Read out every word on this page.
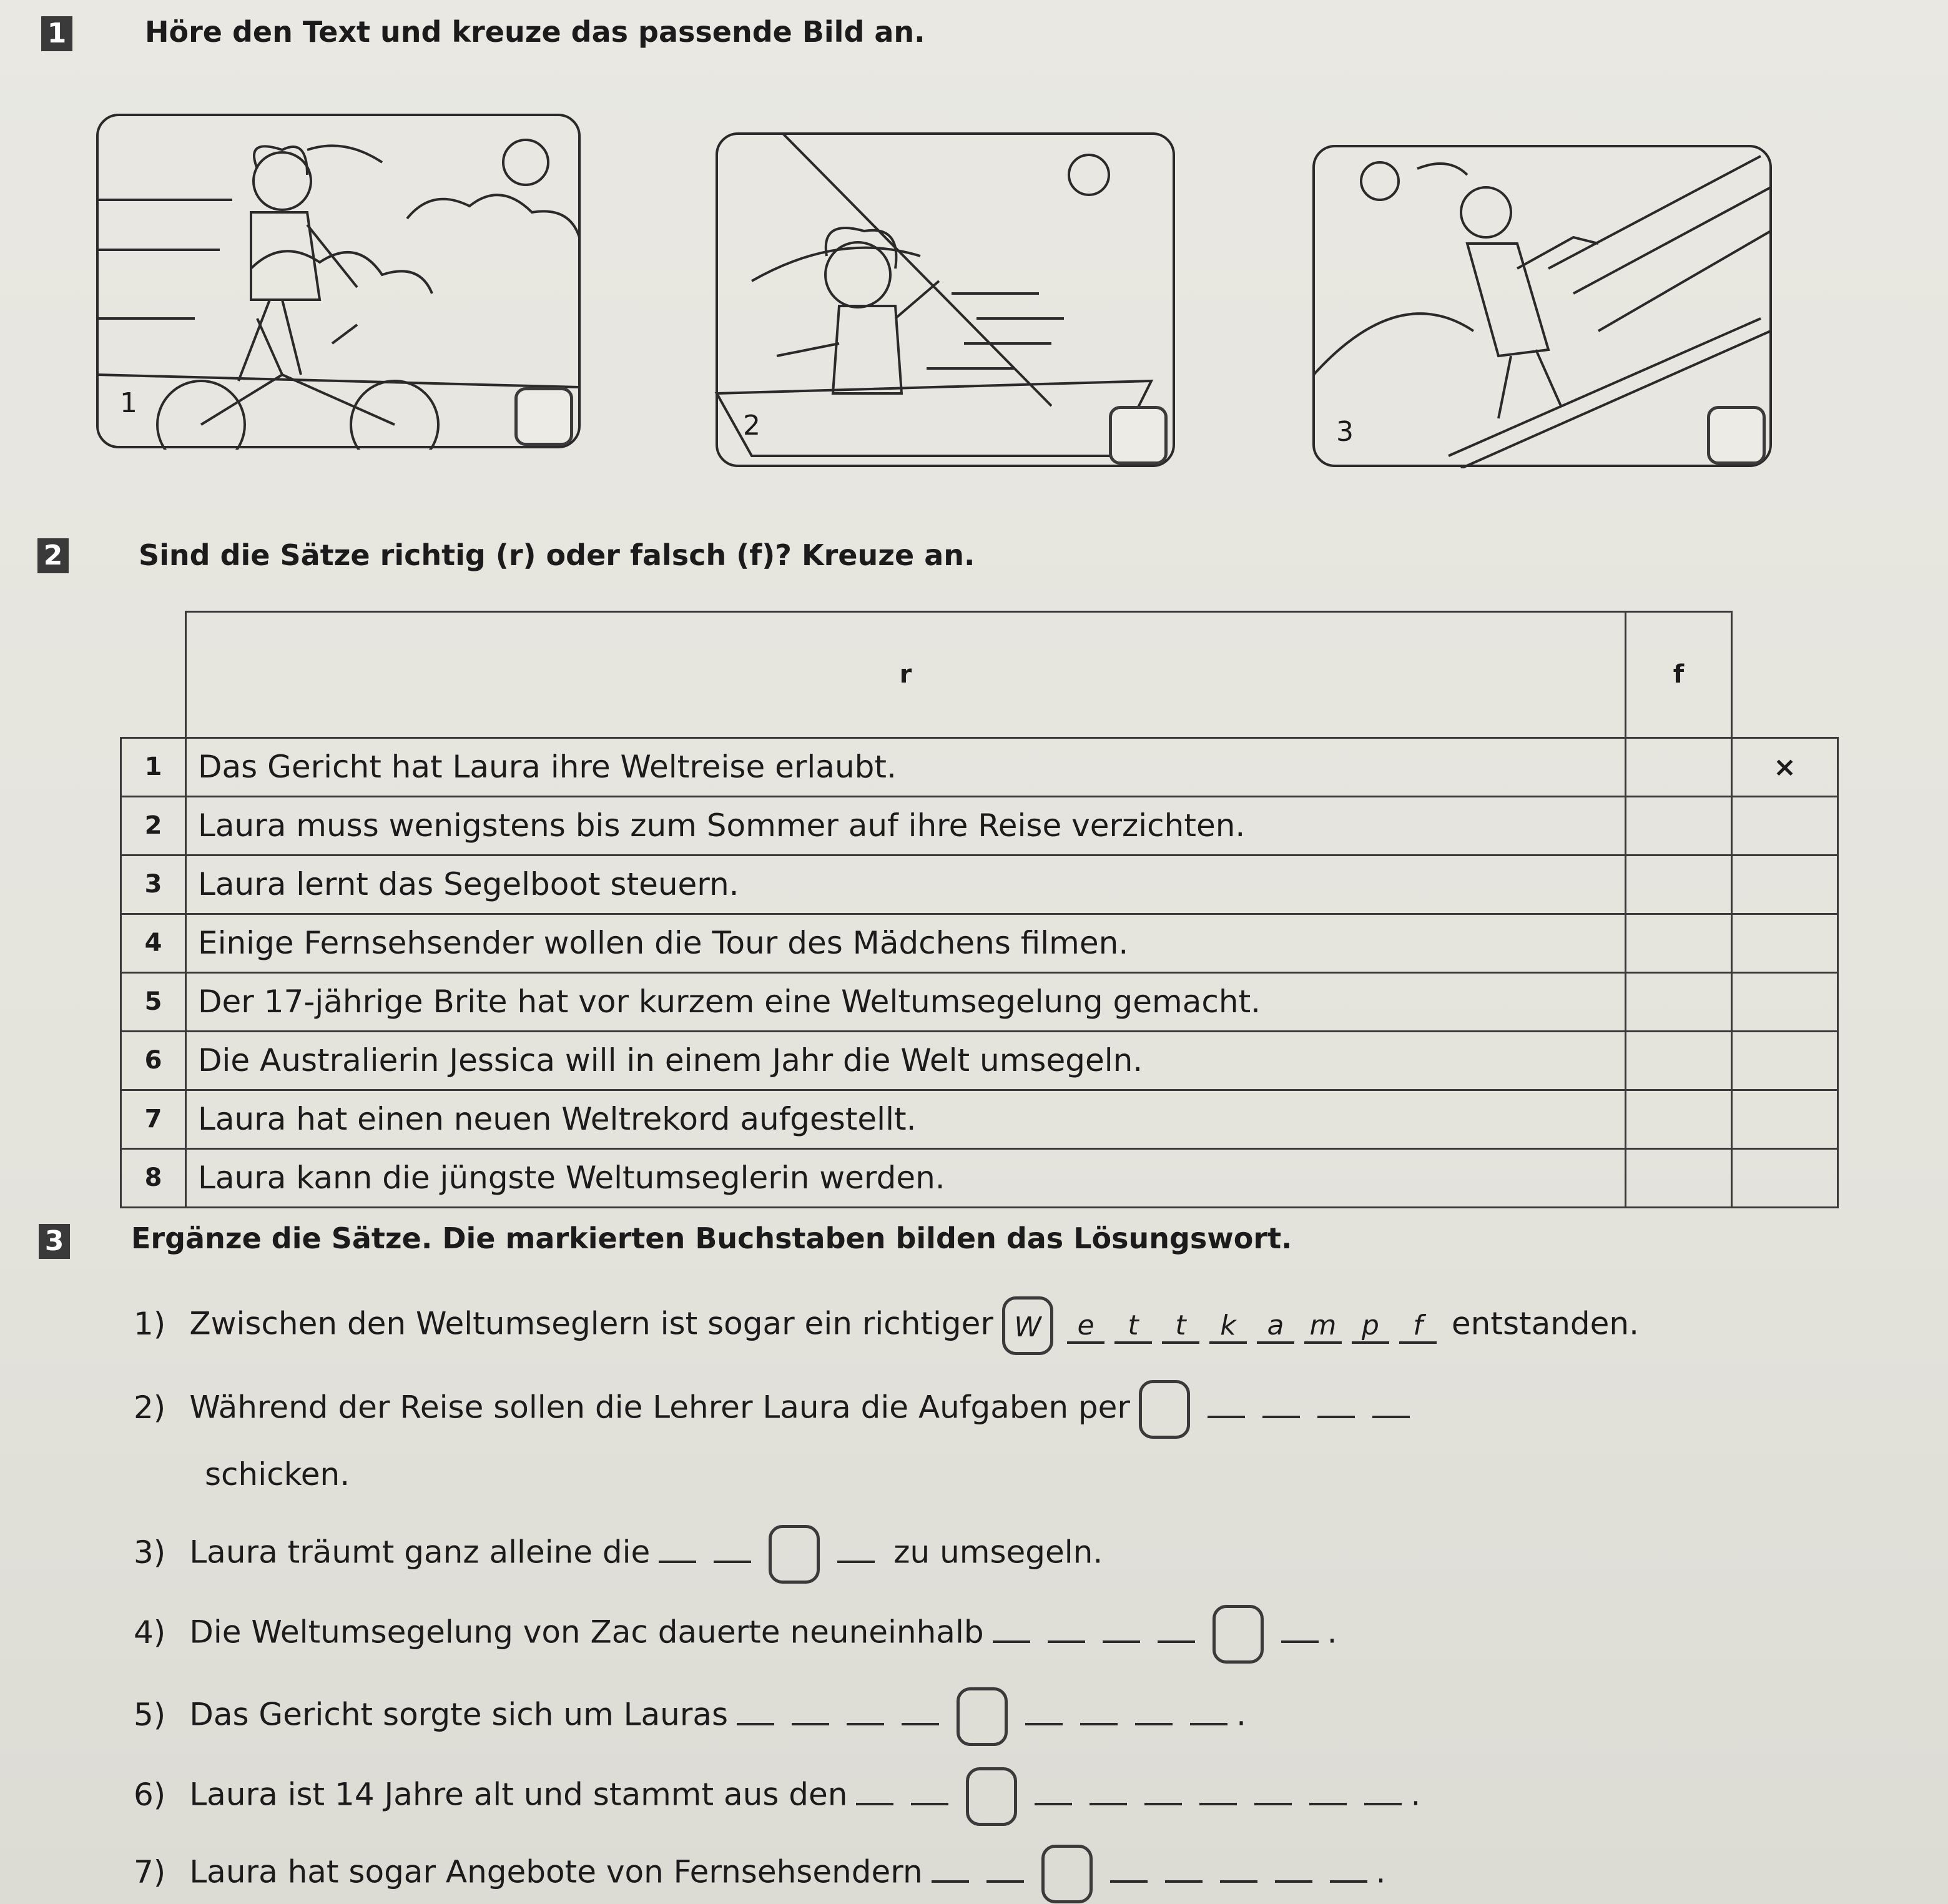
1	Höre den Text und kreuze das passende Bild an.
1
2	3
2	Sind die Sätze richtig (r) oder falsch (f)? Kreuze an.
r	f	
1	Das Gericht hat Laura ihre Weltreise erlaubt.		×
2	Laura muss wenigstens bis zum Sommer auf ihre Reise verzichten.		
3	Laura lernt das Segelboot steuern.		
4	Einige Fernsehsender wollen die Tour des Mädchens filmen.		
5	Der 17-jährige Brite hat vor kurzem eine Weltumsegelung gemacht.		
6	Die Australierin Jessica will in einem Jahr die Welt umsegeln.		
7	Laura hat einen neuen Weltrekord aufgestellt.		
8	Laura kann die jüngste Weltumseglerin werden.		
3 Ergänze die Sätze. Die markierten Buchstaben bilden das Lösungswort.
1) Zwischen den Weltumseglern ist sogar ein richtiger W e t t k a m p f entstanden.
2) Während der Reise sollen die Lehrer Laura die Aufgaben per
schicken.
3) Laura träumt ganz alleine die	zu umsegeln.
4) Die Weltumsegelung von Zac dauerte neuneinhalb	.
5) Das Gericht sorgte sich um Lauras	.
6) Laura ist 14 Jahre alt und stammt aus den	.
7) Laura hat sogar Angebote von Fernsehsendern	.
